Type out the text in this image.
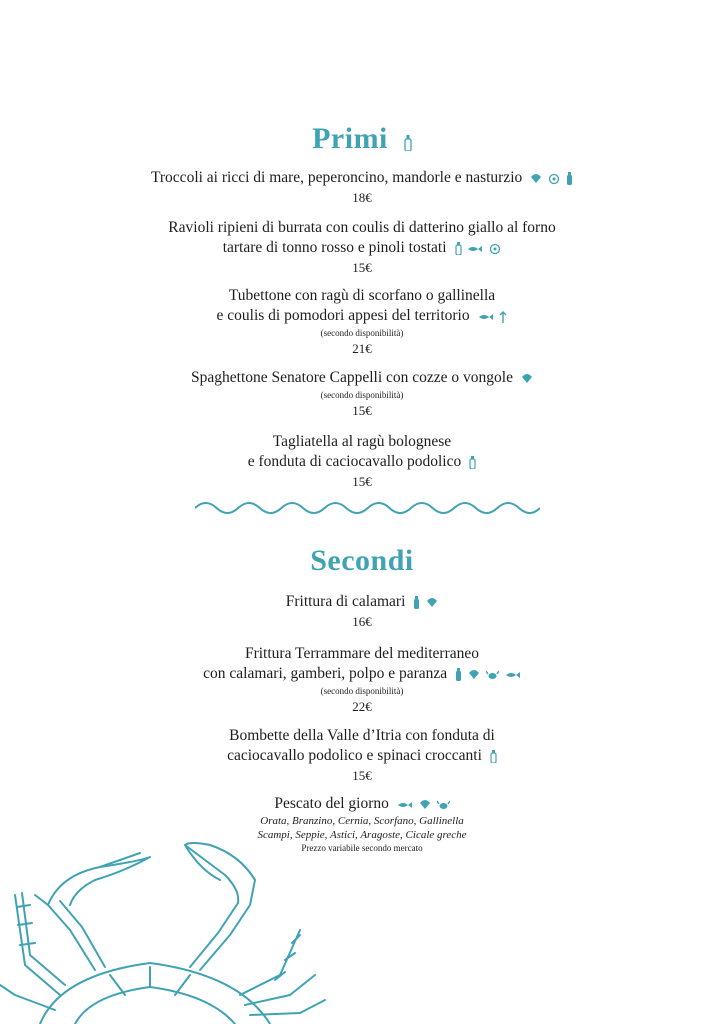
Primi
Troccoli ai ricci di mare, peperoncino, mandorle e nasturzio
18€
Ravioli ripieni di burrata con coulis di datterino giallo al forno
tartare di tonno rosso e pinoli tostati
15€
Tubettone con ragù di scorfano o gallinella
e coulis di pomodori appesi del territorio
(secondo disponibilità)
21€
Spaghettone Senatore Cappelli con cozze o vongole
(secondo disponibilità)
15€
Tagliatella al ragù bolognese
e fonduta di caciocavallo podolico
15€
Secondi
Frittura di calamari
16€
Frittura Terrammare del mediterraneo
con calamari, gamberi, polpo e paranza
(secondo disponibilità)
22€
Bombette della Valle d’Itria con fonduta di
caciocavallo podolico e spinaci croccanti
15€
Pescato del giorno
Orata, Branzino, Cernia, Scorfano, Gallinella
Scampi, Seppie, Astici, Aragoste, Cicale greche
Prezzo variabile secondo mercato
